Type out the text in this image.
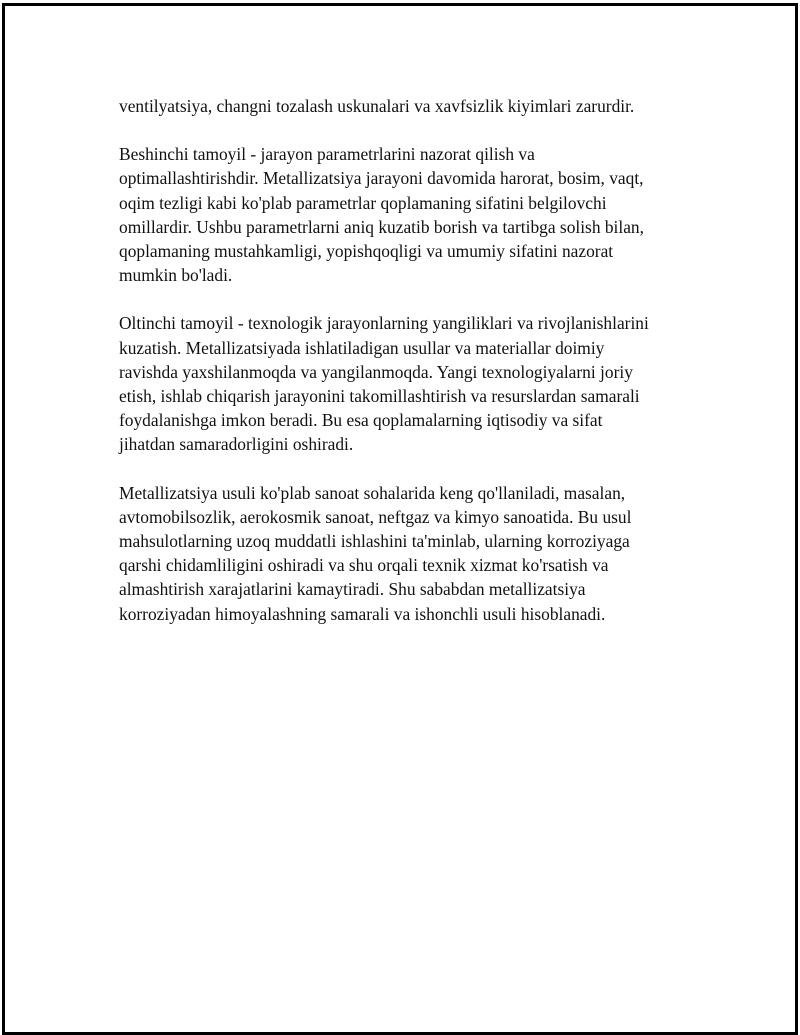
ventilyatsiya, changni tozalash uskunalari va xavfsizlik kiyimlari zarurdir.

Beshinchi tamoyil - jarayon parametrlarini nazorat qilish va
optimallashtirishdir. Metallizatsiya jarayoni davomida harorat, bosim, vaqt,
oqim tezligi kabi ko'plab parametrlar qoplamaning sifatini belgilovchi
omillardir. Ushbu parametrlarni aniq kuzatib borish va tartibga solish bilan,
qoplamaning mustahkamligi, yopishqoqligi va umumiy sifatini nazorat
mumkin bo'ladi.

Oltinchi tamoyil - texnologik jarayonlarning yangiliklari va rivojlanishlarini
kuzatish. Metallizatsiyada ishlatiladigan usullar va materiallar doimiy
ravishda yaxshilanmoqda va yangilanmoqda. Yangi texnologiyalarni joriy
etish, ishlab chiqarish jarayonini takomillashtirish va resurslardan samarali
foydalanishga imkon beradi. Bu esa qoplamalarning iqtisodiy va sifat
jihatdan samaradorligini oshiradi.

Metallizatsiya usuli ko'plab sanoat sohalarida keng qo'llaniladi, masalan,
avtomobilsozlik, aerokosmik sanoat, neftgaz va kimyo sanoatida. Bu usul
mahsulotlarning uzoq muddatli ishlashini ta'minlab, ularning korroziyaga
qarshi chidamliligini oshiradi va shu orqali texnik xizmat ko'rsatish va
almashtirish xarajatlarini kamaytiradi. Shu sababdan metallizatsiya
korroziyadan himoyalashning samarali va ishonchli usuli hisoblanadi.
